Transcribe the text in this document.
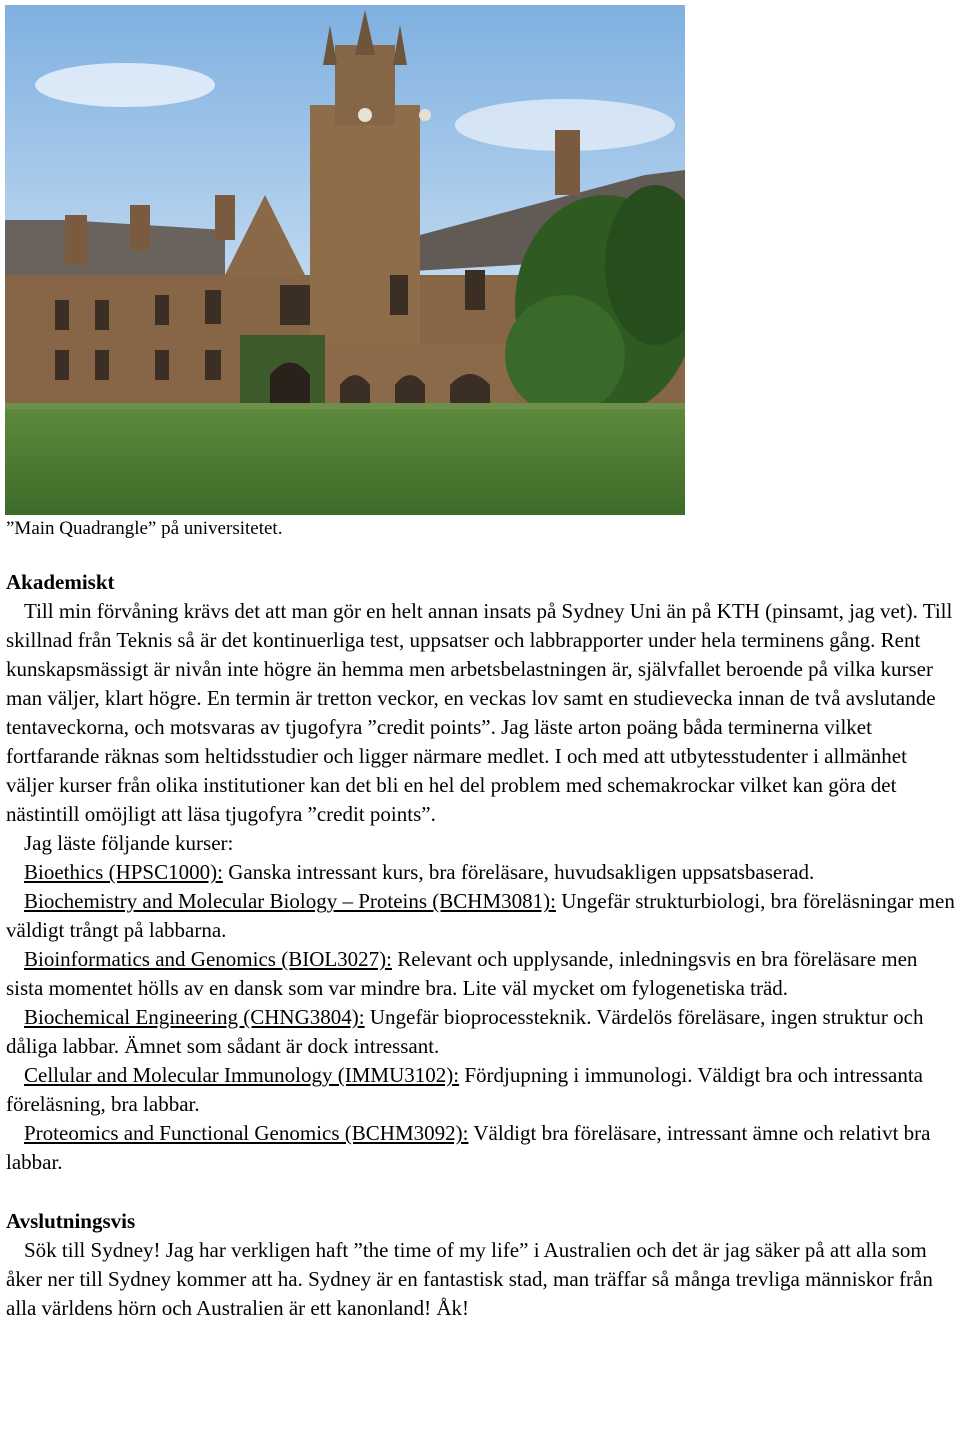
”Main Quadrangle” på universitetet.
Akademiskt

Till min förvåning krävs det att man gör en helt annan insats på Sydney Uni än på KTH (pinsamt, jag vet). Till skillnad från Teknis så är det kontinuerliga test, uppsatser och labbrapporter under hela terminens gång. Rent kunskapsmässigt är nivån inte högre än hemma men arbetsbelastningen är, självfallet beroende på vilka kurser man väljer, klart högre. En termin är tretton veckor, en veckas lov samt en studievecka innan de två avslutande tentaveckorna, och motsvaras av tjugofyra ”credit points”. Jag läste arton poäng båda terminerna vilket fortfarande räknas som heltidsstudier och ligger närmare medlet. I och med att utbytesstudenter i allmänhet väljer kurser från olika institutioner kan det bli en hel del problem med schemakrockar vilket kan göra det nästintill omöjligt att läsa tjugofyra ”credit points”.

Jag läste följande kurser:

Bioethics (HPSC1000): Ganska intressant kurs, bra föreläsare, huvudsakligen uppsatsbaserad.

Biochemistry and Molecular Biology – Proteins (BCHM3081): Ungefär strukturbiologi, bra föreläsningar men väldigt trångt på labbarna.

Bioinformatics and Genomics (BIOL3027): Relevant och upplysande, inledningsvis en bra föreläsare men sista momentet hölls av en dansk som var mindre bra. Lite väl mycket om fylogenetiska träd.

Biochemical Engineering (CHNG3804): Ungefär bioprocessteknik. Värdelös föreläsare, ingen struktur och dåliga labbar. Ämnet som sådant är dock intressant.

Cellular and Molecular Immunology (IMMU3102): Fördjupning i immunologi. Väldigt bra och intressanta föreläsning, bra labbar.

Proteomics and Functional Genomics (BCHM3092): Väldigt bra föreläsare, intressant ämne och relativt bra labbar.

Avslutningsvis

Sök till Sydney! Jag har verkligen haft ”the time of my life” i Australien och det är jag säker på att alla som åker ner till Sydney kommer att ha. Sydney är en fantastisk stad, man träffar så många trevliga människor från alla världens hörn och Australien är ett kanonland! Åk!
